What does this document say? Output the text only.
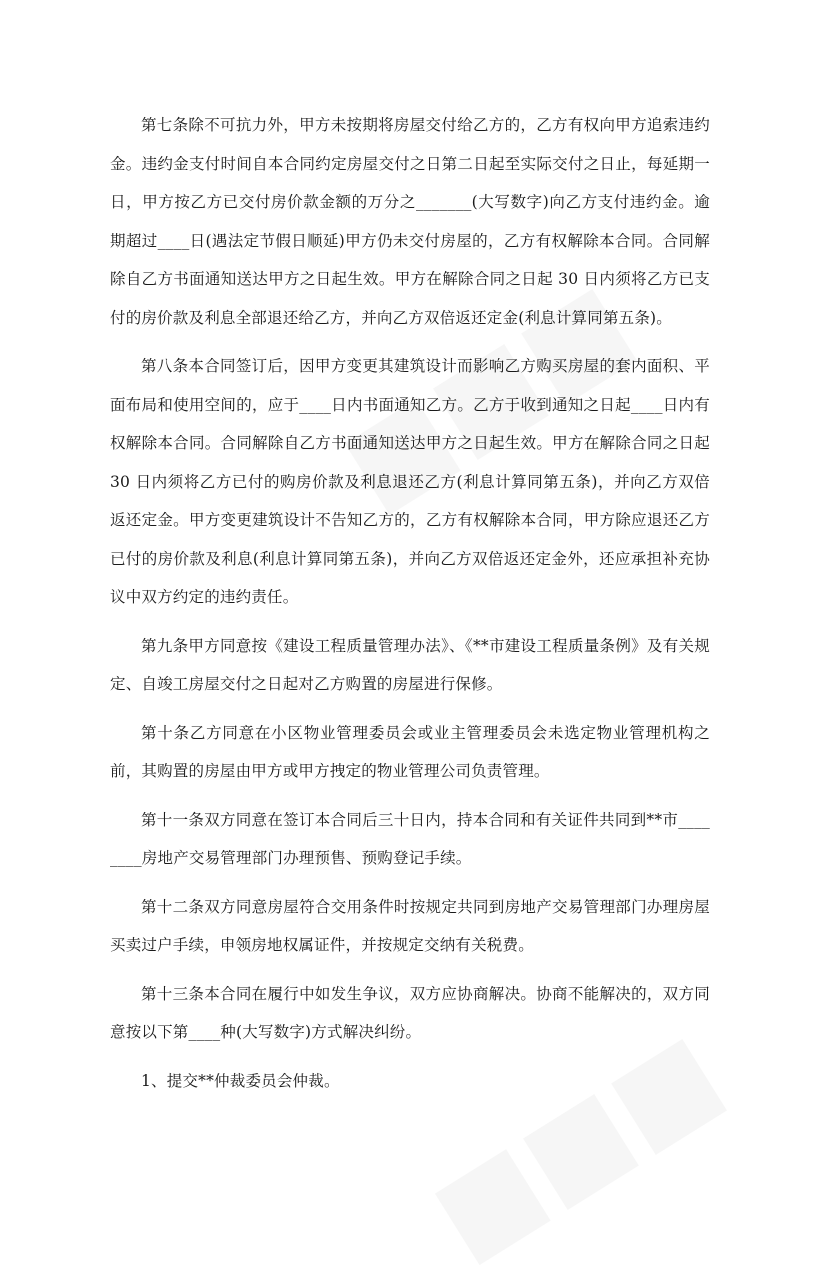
第七条除不可抗力外，甲方未按期将房屋交付给乙方的，乙方有权向甲方追索违约金。违约金支付时间自本合同约定房屋交付之日第二日起至实际交付之日止，每延期一日，甲方按乙方已交付房价款金额的万分之_______(大写数字)向乙方支付违约金。逾期超过____日(遇法定节假日顺延)甲方仍未交付房屋的，乙方有权解除本合同。合同解除自乙方书面通知送达甲方之日起生效。甲方在解除合同之日起 30 日内须将乙方已支付的房价款及利息全部退还给乙方，并向乙方双倍返还定金(利息计算同第五条)。

第八条本合同签订后，因甲方变更其建筑设计而影响乙方购买房屋的套内面积、平面布局和使用空间的，应于____日内书面通知乙方。乙方于收到通知之日起____日内有权解除本合同。合同解除自乙方书面通知送达甲方之日起生效。甲方在解除合同之日起 30 日内须将乙方已付的购房价款及利息退还乙方(利息计算同第五条)，并向乙方双倍返还定金。甲方变更建筑设计不告知乙方的，乙方有权解除本合同，甲方除应退还乙方已付的房价款及利息(利息计算同第五条)，并向乙方双倍返还定金外，还应承担补充协议中双方约定的违约责任。

第九条甲方同意按《建设工程质量管理办法》、《**市建设工程质量条例》及有关规定、自竣工房屋交付之日起对乙方购置的房屋进行保修。

第十条乙方同意在小区物业管理委员会或业主管理委员会未选定物业管理机构之前，其购置的房屋由甲方或甲方拽定的物业管理公司负责管理。

第十一条双方同意在签订本合同后三十日内，持本合同和有关证件共同到**市________房地产交易管理部门办理预售、预购登记手续。

第十二条双方同意房屋符合交用条件时按规定共同到房地产交易管理部门办理房屋买卖过户手续，申领房地权属证件，并按规定交纳有关税费。

第十三条本合同在履行中如发生争议，双方应协商解决。协商不能解决的，双方同意按以下第____种(大写数字)方式解决纠纷。

1、提交**仲裁委员会仲裁。
